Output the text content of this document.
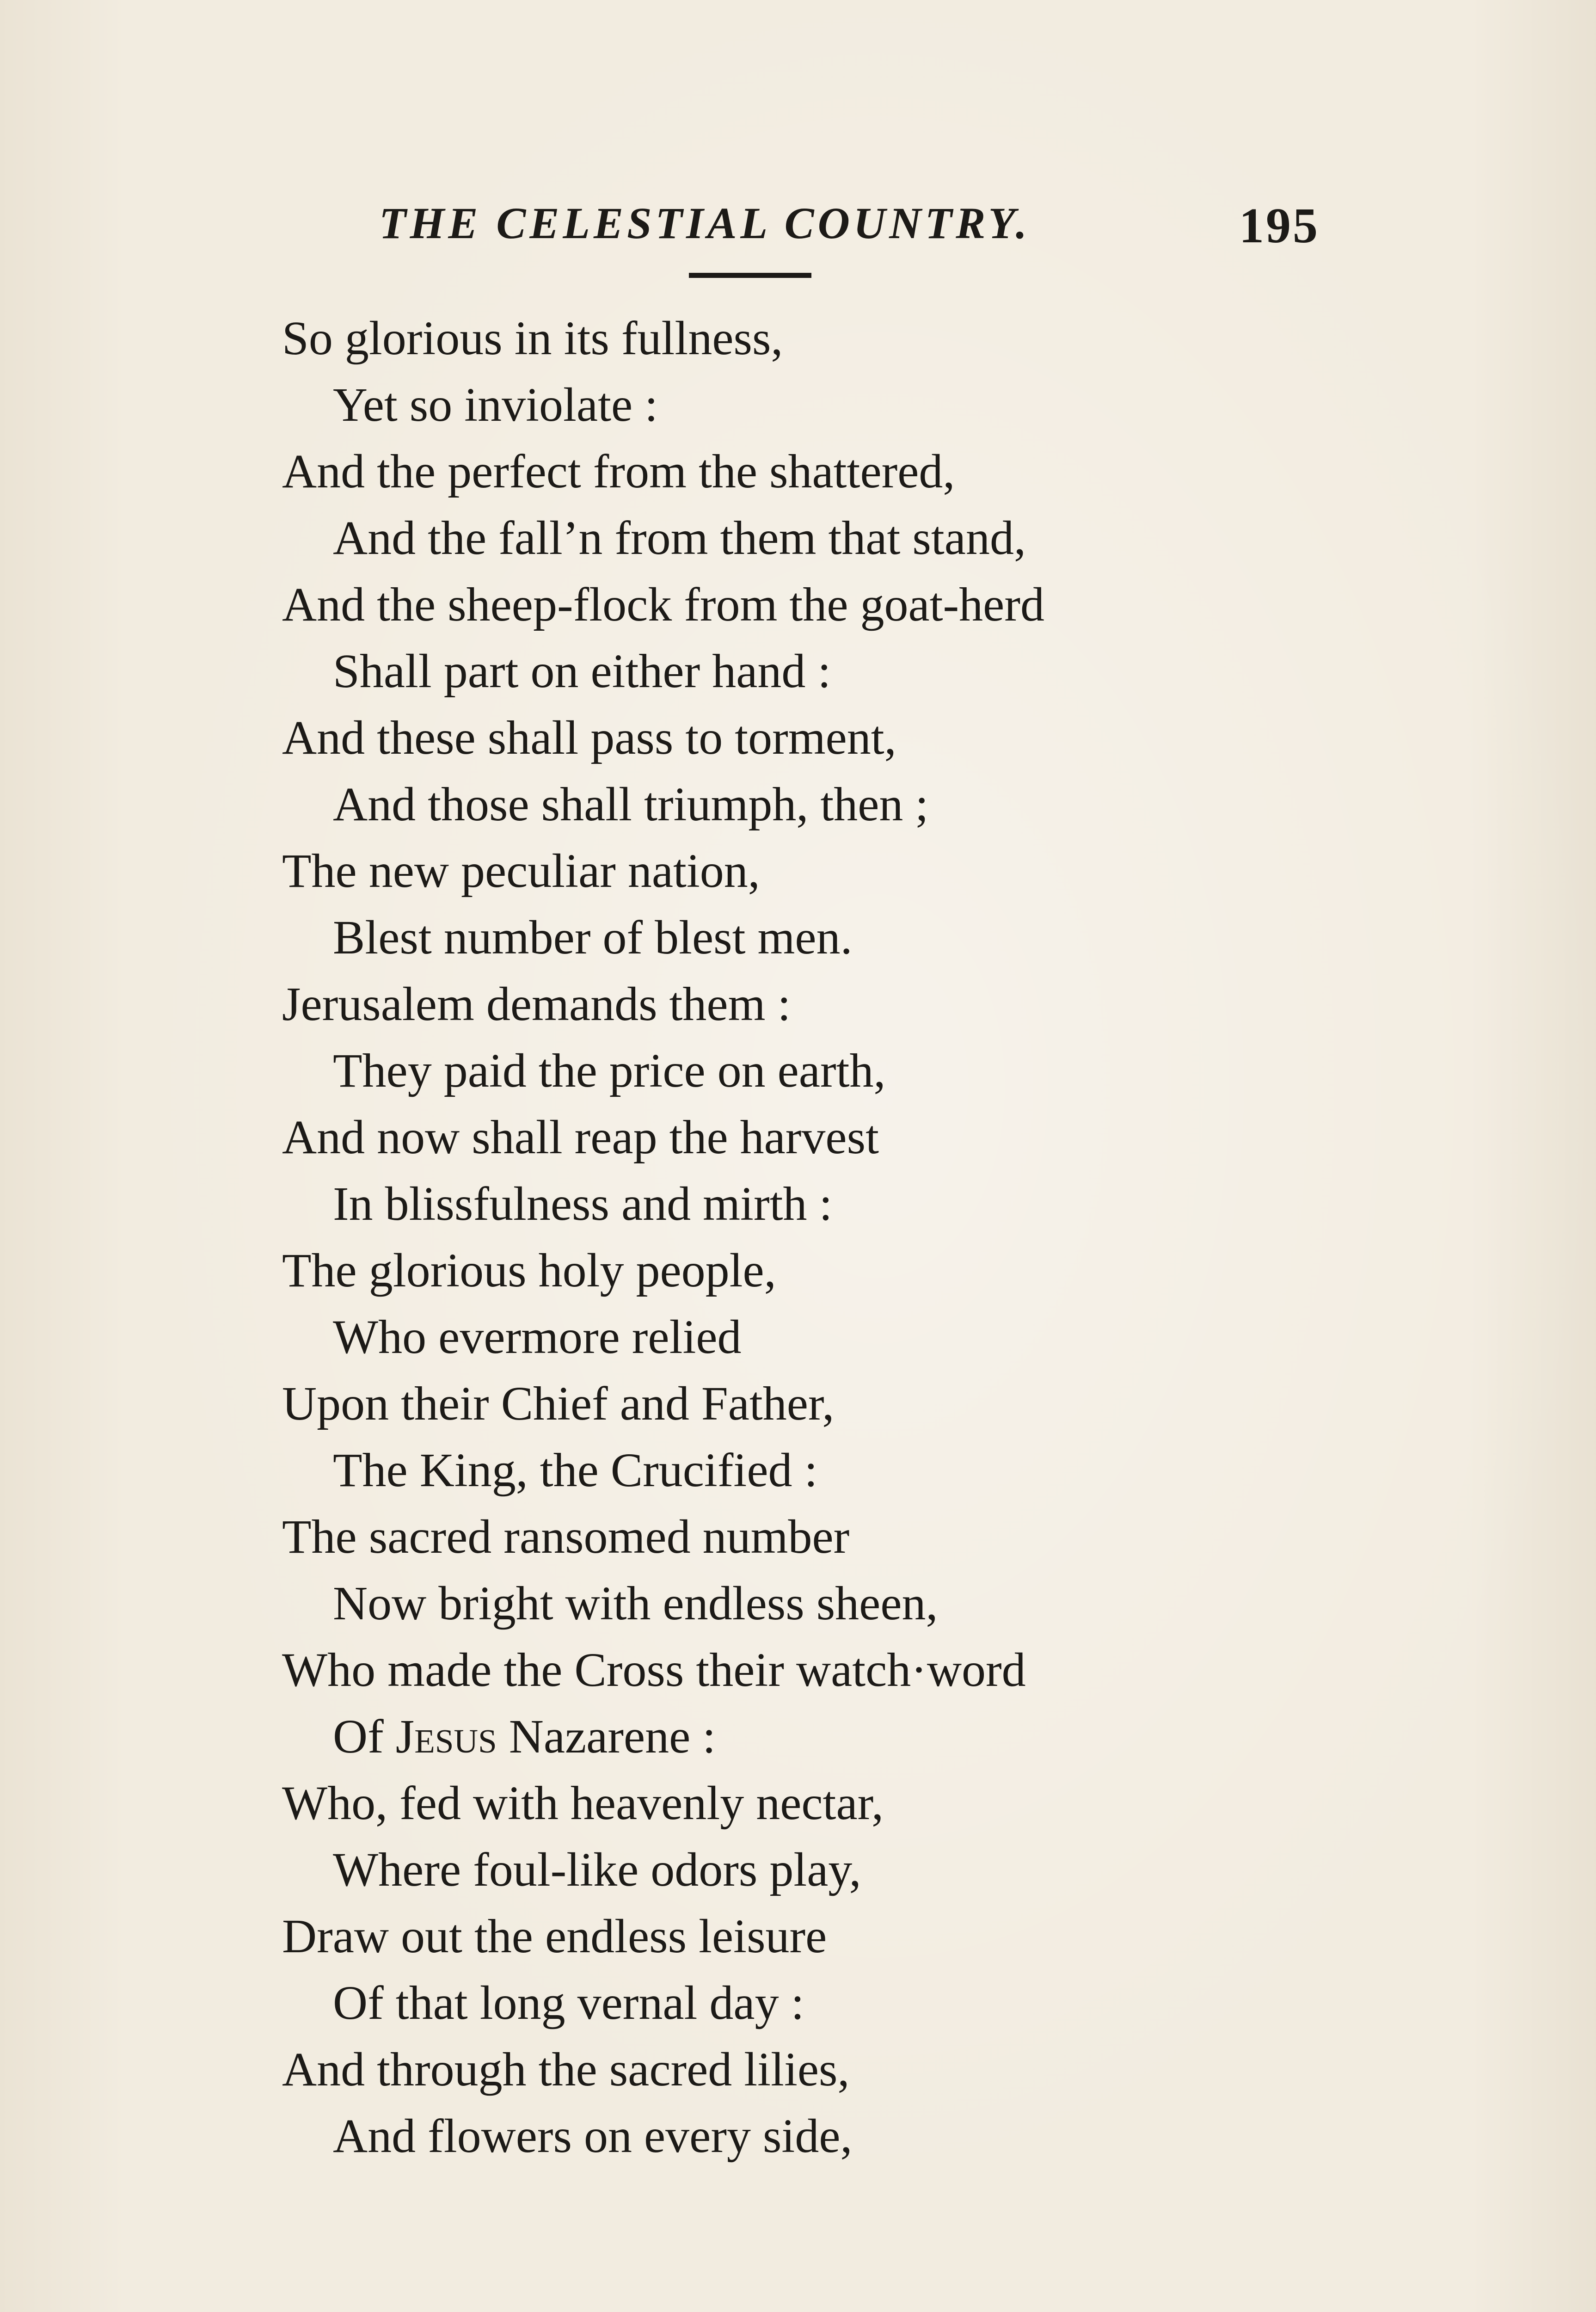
THE CELESTIAL COUNTRY.	195
So glorious in its fullness,
Yet so inviolate :
And the perfect from the shattered,
And the fall’n from them that stand,
And the sheep-flock from the goat-herd
Shall part on either hand :
And these shall pass to torment,
And those shall triumph, then ;
The new peculiar nation,
Blest number of blest men.
Jerusalem demands them :
They paid the price on earth,
And now shall reap the harvest
In blissfulness and mirth :
The glorious holy people,
Who evermore relied
Upon their Chief and Father,
The King, the Crucified :
The sacred ransomed number
Now bright with endless sheen,
Who made the Cross their watch·word
Of Jesus Nazarene :
Who, fed with heavenly nectar,
Where foul-like odors play,
Draw out the endless leisure
Of that long vernal day :
And through the sacred lilies,
And flowers on every side,
